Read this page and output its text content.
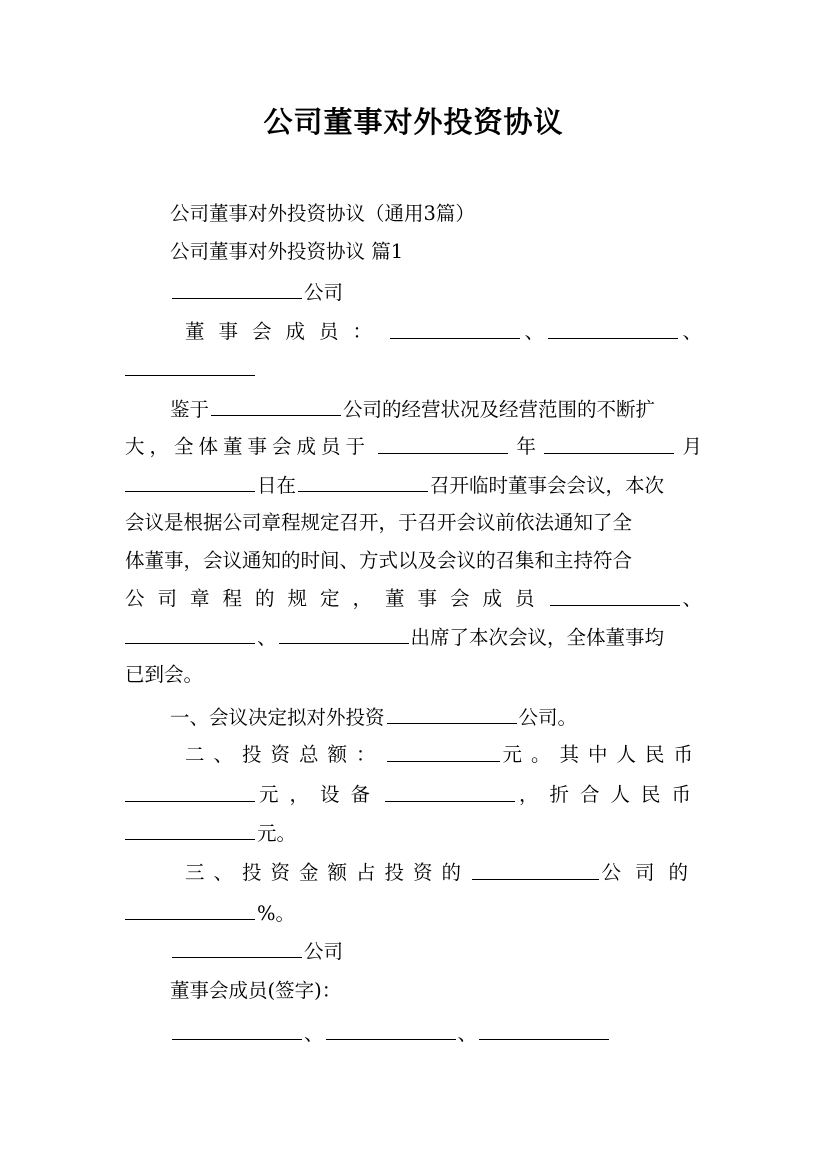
公司董事对外投资协议
公司董事对外投资协议（通用3篇）
公司董事对外投资协议 篇1
公司
董事会成员：	、	、
鉴于	公司的经营状况及经营范围的不断扩
大，全体董事会成员于	年	月
日在	召开临时董事会会议，本次
会议是根据公司章程规定召开，于召开会议前依法通知了全
体董事，会议通知的时间、方式以及会议的召集和主持符合
公司章程的规定，董事会成员	、
、	出席了本次会议，全体董事均
已到会。
一、会议决定拟对外投资	公司。
二、投资总额：	元。其中人民币
元，设备	，折合人民币
元。
三、投资金额占投资的	公司的
%。
公司
董事会成员(签字)：
、	、
